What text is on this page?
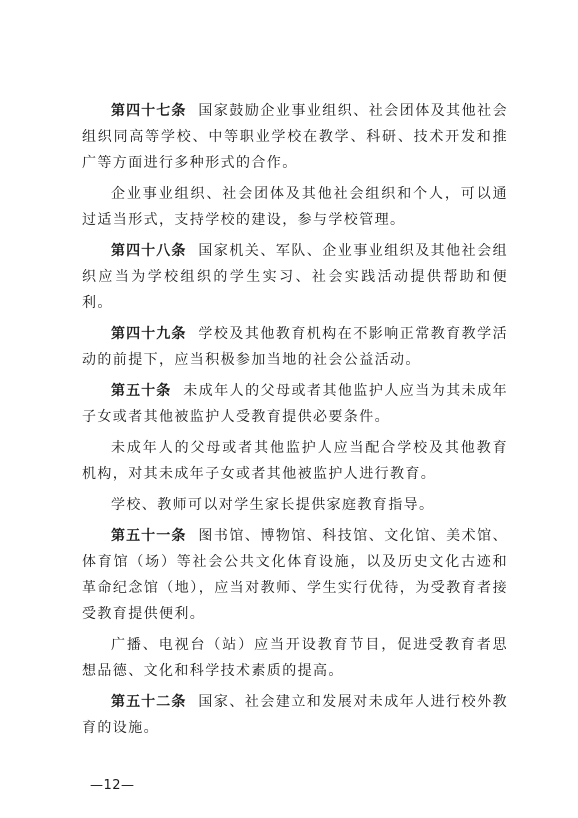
第四十七条 国家鼓励企业事业组织、社会团体及其他社会组织同高等学校、中等职业学校在教学、科研、技术开发和推广等方面进行多种形式的合作。

企业事业组织、社会团体及其他社会组织和个人，可以通过适当形式，支持学校的建设，参与学校管理。

第四十八条 国家机关、军队、企业事业组织及其他社会组织应当为学校组织的学生实习、社会实践活动提供帮助和便利。

第四十九条 学校及其他教育机构在不影响正常教育教学活动的前提下，应当积极参加当地的社会公益活动。

第五十条 未成年人的父母或者其他监护人应当为其未成年子女或者其他被监护人受教育提供必要条件。

未成年人的父母或者其他监护人应当配合学校及其他教育机构，对其未成年子女或者其他被监护人进行教育。

学校、教师可以对学生家长提供家庭教育指导。

第五十一条 图书馆、博物馆、科技馆、文化馆、美术馆、体育馆（场）等社会公共文化体育设施，以及历史文化古迹和革命纪念馆（地），应当对教师、学生实行优待，为受教育者接受教育提供便利。

广播、电视台（站）应当开设教育节目，促进受教育者思想品德、文化和科学技术素质的提高。

第五十二条 国家、社会建立和发展对未成年人进行校外教育的设施。

—12—
